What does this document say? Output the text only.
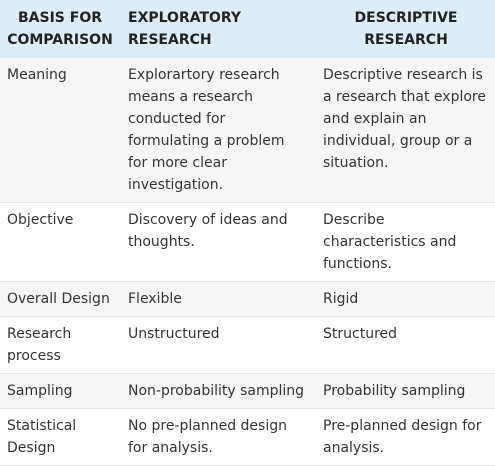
BASIS FOR COMPARISON	EXPLORATORY RESEARCH	DESCRIPTIVE RESEARCH
Meaning	Explorartory research means a research conducted for formulating a problem for more clear investigation.	Descriptive research is a research that explore and explain an individual, group or a situation.
Objective	Discovery of ideas and thoughts.	Describe characteristics and functions.
Overall Design	Flexible	Rigid
Research process	Unstructured	Structured
Sampling	Non-probability sampling	Probability sampling
Statistical Design	No pre-planned design for analysis.	Pre-planned design for analysis.
